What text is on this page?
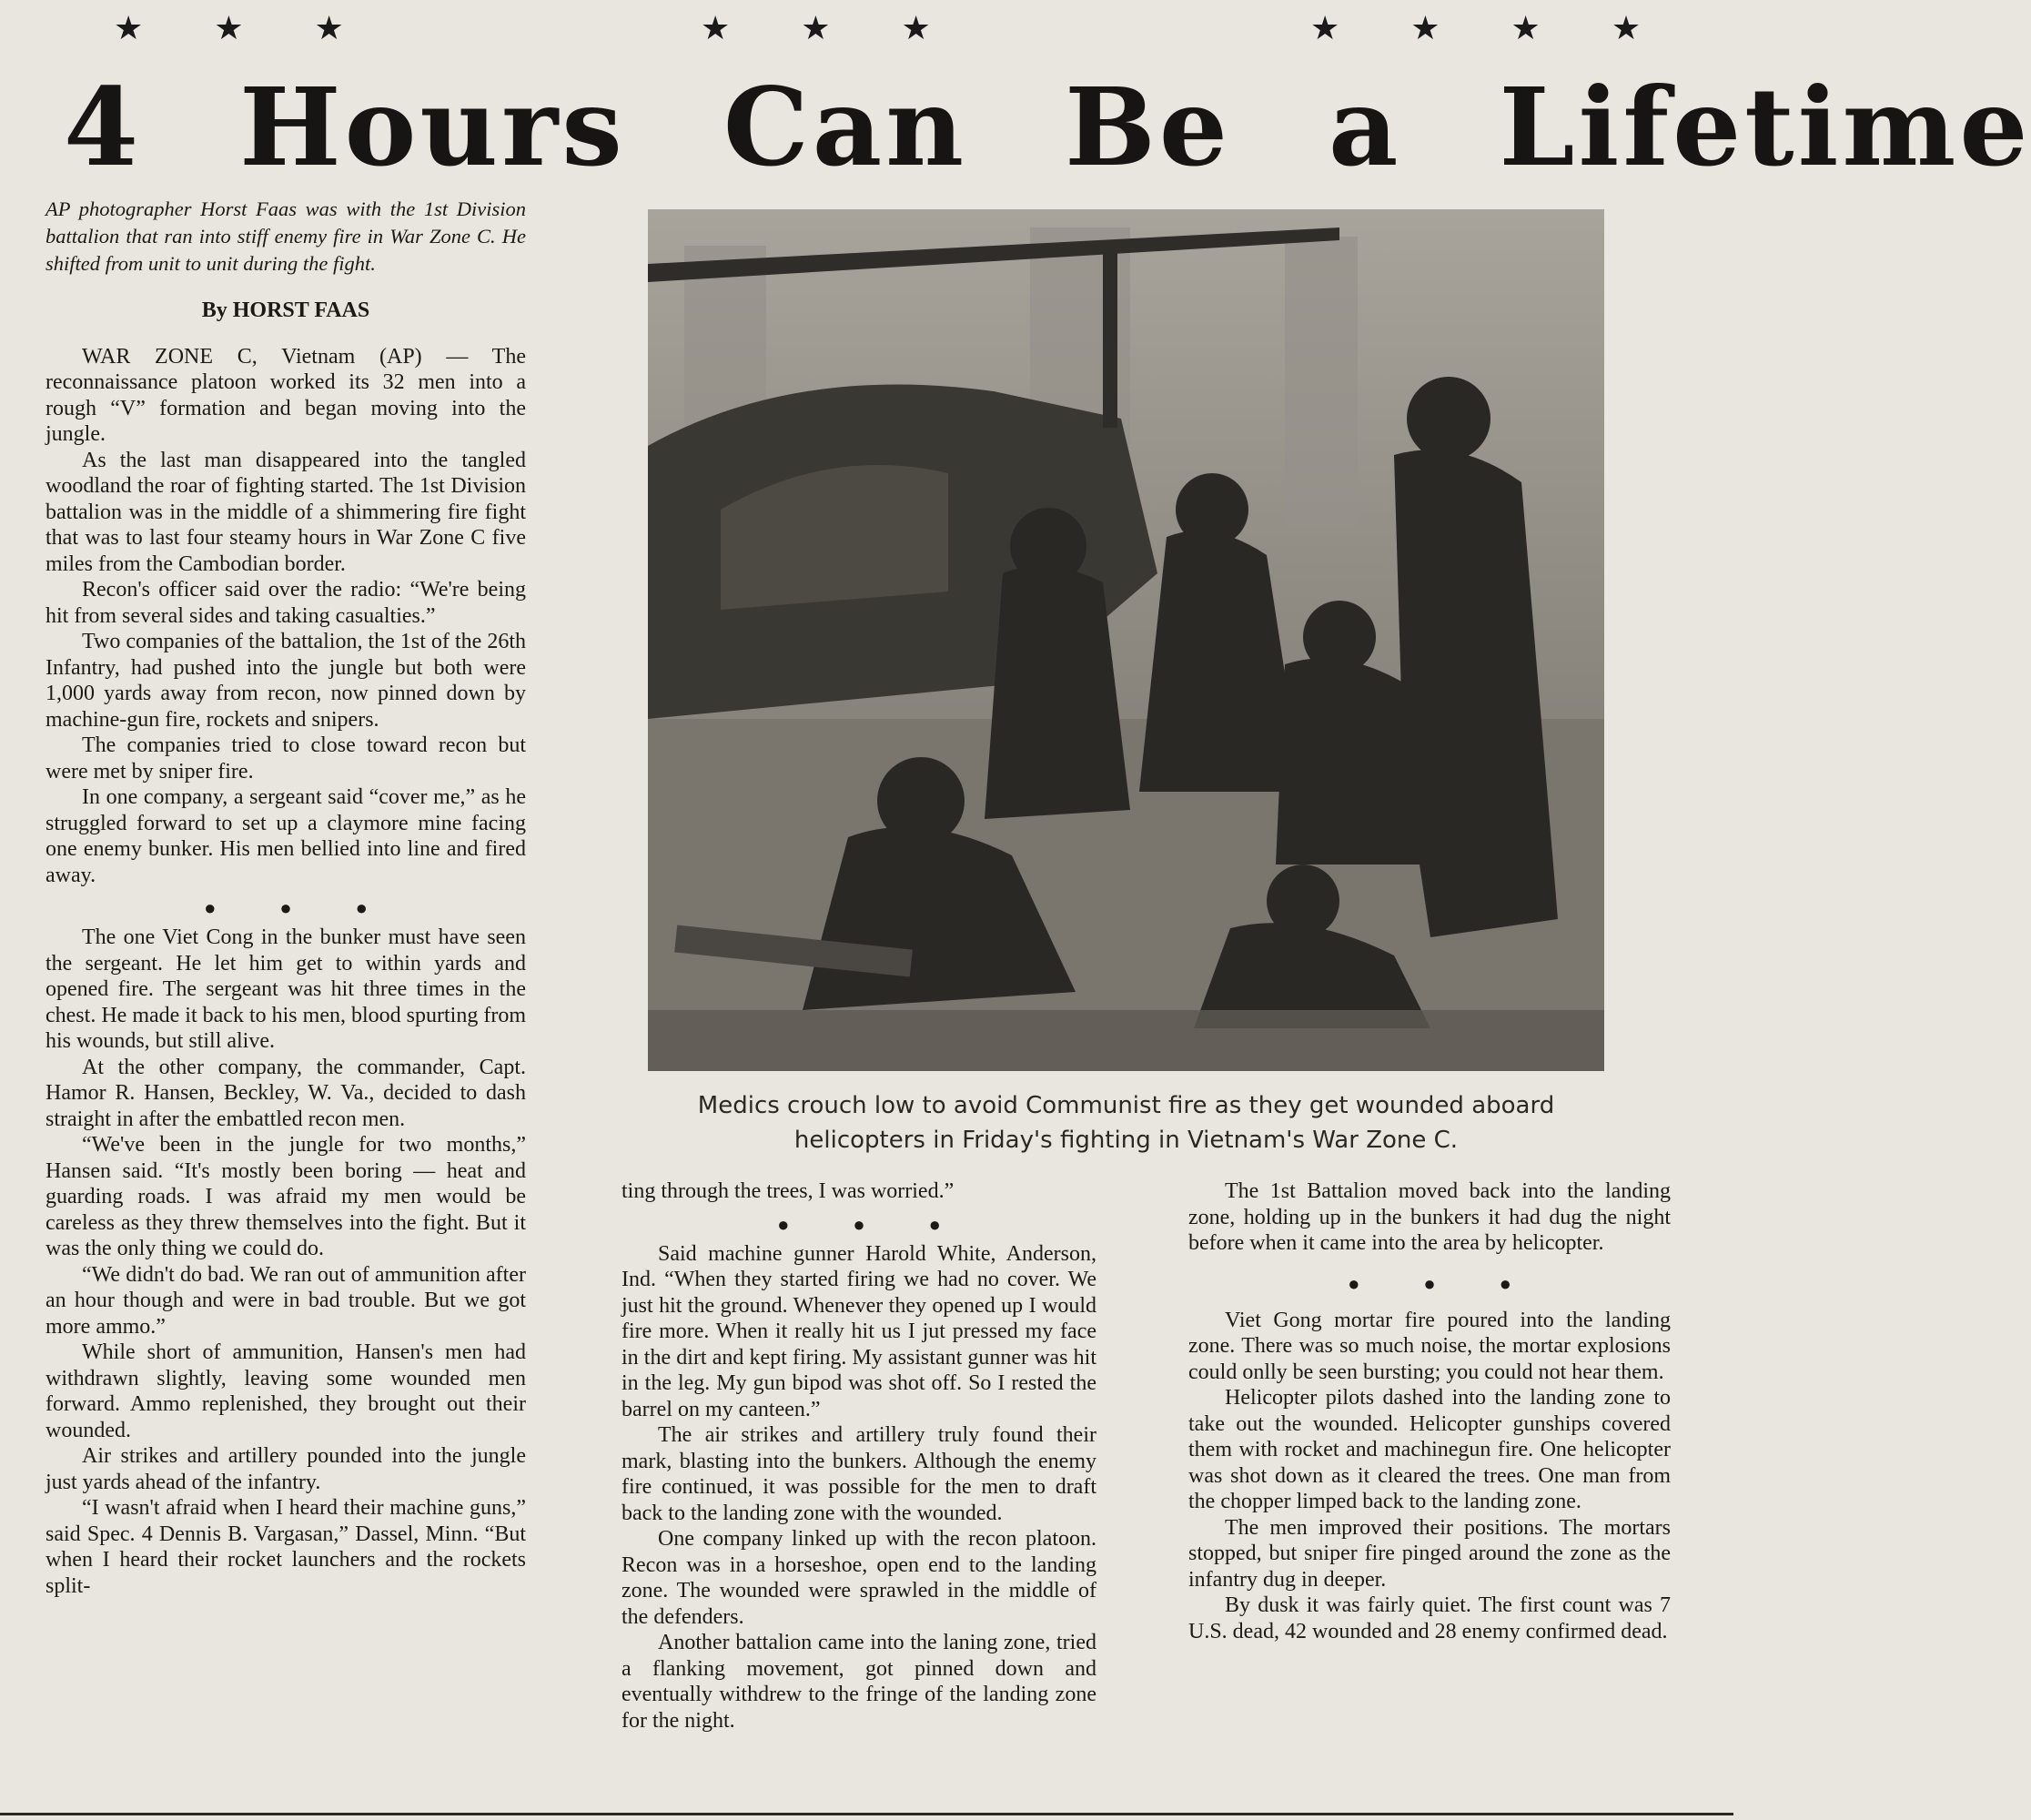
★★★	★★★	★★★★
4 Hours Can Be a Lifetime

AP photographer Horst Faas was with the 1st Division battalion that ran into stiff enemy fire in War Zone C. He shifted from unit to unit during the fight.

By HORST FAAS

WAR ZONE C, Vietnam (AP) — The reconnaissance platoon worked its 32 men into a rough “V” formation and began moving into the jungle.

As the last man disappeared into the tangled woodland the roar of fighting started. The 1st Division battalion was in the middle of a shimmering fire fight that was to last four steamy hours in War Zone C five miles from the Cambodian border.

Recon's officer said over the radio: “We're being hit from several sides and taking casualties.”

Two companies of the battalion, the 1st of the 26th Infantry, had pushed into the jungle but both were 1,000 yards away from recon, now pinned down by machine-gun fire, rockets and snipers.

The companies tried to close toward recon but were met by sniper fire.

In one company, a sergeant said “cover me,” as he struggled forward to set up a claymore mine facing one enemy bunker. His men bellied into line and fired away.

●●●

The one Viet Cong in the bunker must have seen the sergeant. He let him get to within yards and opened fire. The sergeant was hit three times in the chest. He made it back to his men, blood spurting from his wounds, but still alive.

At the other company, the commander, Capt. Hamor R. Hansen, Beckley, W. Va., decided to dash straight in after the embattled recon men.

“We've been in the jungle for two months,” Hansen said. “It's mostly been boring — heat and guarding roads. I was afraid my men would be careless as they threw themselves into the fight. But it was the only thing we could do.

“We didn't do bad. We ran out of ammunition after an hour though and were in bad trouble. But we got more ammo.”

While short of ammunition, Hansen's men had withdrawn slightly, leaving some wounded men forward. Ammo replenished, they brought out their wounded.

Air strikes and artillery pounded into the jungle just yards ahead of the infantry.

“I wasn't afraid when I heard their machine guns,” said Spec. 4 Dennis B. Vargasan,” Dassel, Minn. “But when I heard their rocket launchers and the rockets split-

Medics crouch low to avoid Communist fire as they get wounded aboard
helicopters in Friday's fighting in Vietnam's War Zone C.

ting through the trees, I was worried.”

●●●

Said machine gunner Harold White, Anderson, Ind. “When they started firing we had no cover. We just hit the ground. Whenever they opened up I would fire more. When it really hit us I jut pressed my face in the dirt and kept firing. My assistant gunner was hit in the leg. My gun bipod was shot off. So I rested the barrel on my canteen.”

The air strikes and artillery truly found their mark, blasting into the bunkers. Although the enemy fire continued, it was possible for the men to draft back to the landing zone with the wounded.

One company linked up with the recon platoon. Recon was in a horseshoe, open end to the landing zone. The wounded were sprawled in the middle of the defenders.

Another battalion came into the laning zone, tried a flanking movement, got pinned down and eventually withdrew to the fringe of the landing zone for the night.

The 1st Battalion moved back into the landing zone, holding up in the bunkers it had dug the night before when it came into the area by helicopter.

●●●

Viet Gong mortar fire poured into the landing zone. There was so much noise, the mortar explosions could onlly be seen bursting; you could not hear them.

Helicopter pilots dashed into the landing zone to take out the wounded. Helicopter gunships covered them with rocket and machinegun fire. One helicopter was shot down as it cleared the trees. One man from the chopper limped back to the landing zone.

The men improved their positions. The mortars stopped, but sniper fire pinged around the zone as the infantry dug in deeper.

By dusk it was fairly quiet. The first count was 7 U.S. dead, 42 wounded and 28 enemy confirmed dead.
